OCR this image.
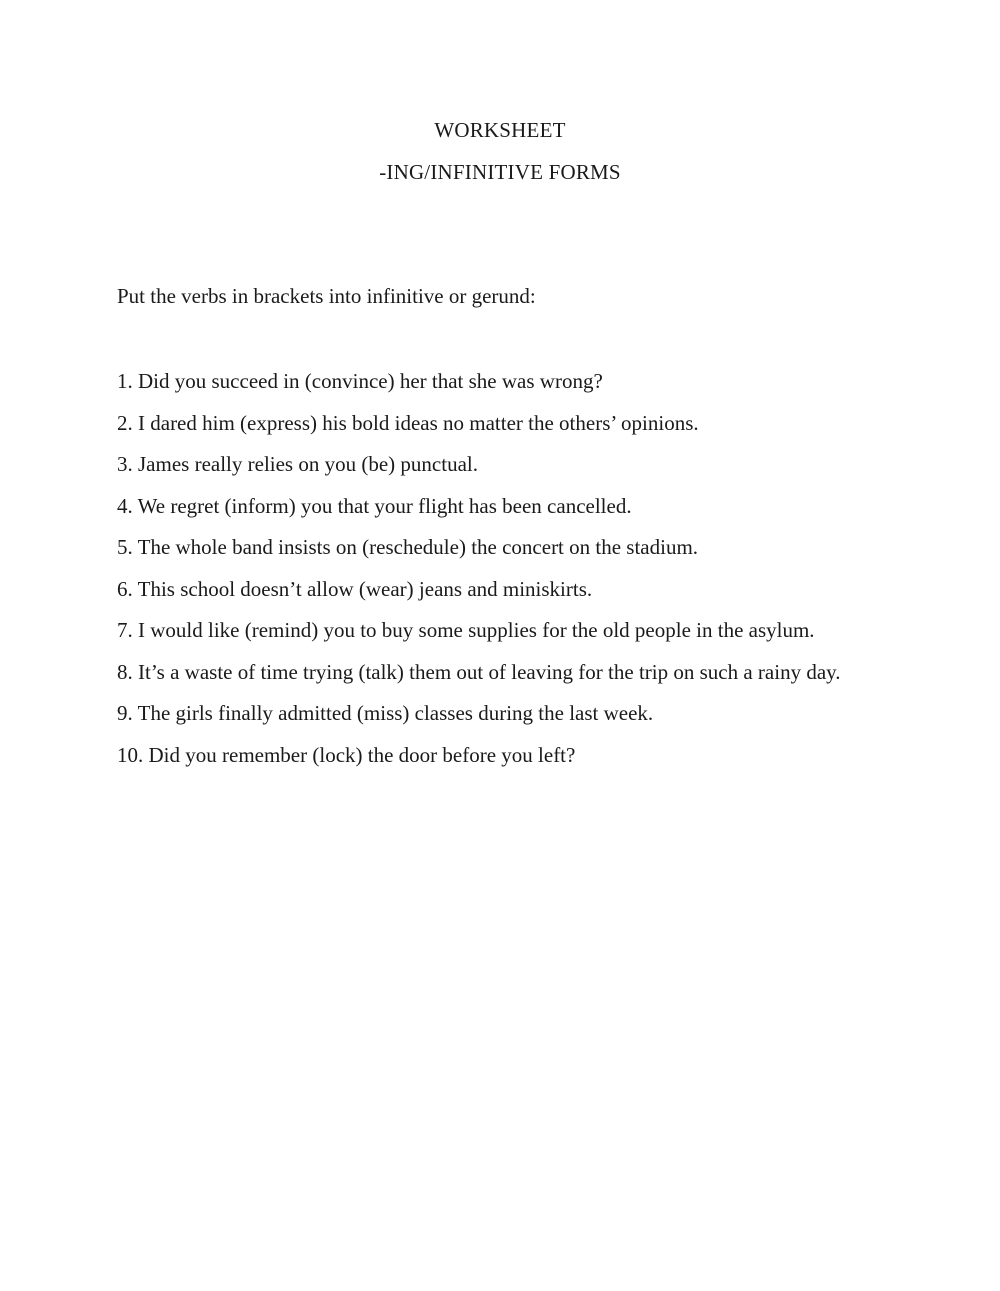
WORKSHEET
-ING/INFINITIVE FORMS

Put the verbs in brackets into infinitive or gerund:

1. Did you succeed in (convince) her that she was wrong?
2. I dared him (express) his bold ideas no matter the others’ opinions.
3. James really relies on you (be) punctual.
4. We regret (inform) you that your flight has been cancelled.
5. The whole band insists on (reschedule) the concert on the stadium.
6. This school doesn’t allow (wear) jeans and miniskirts.
7. I would like (remind) you to buy some supplies for the old people in the asylum.
8. It’s a waste of time trying (talk) them out of leaving for the trip on such a rainy day.
9. The girls finally admitted (miss) classes during the last week.
10. Did you remember (lock) the door before you left?
